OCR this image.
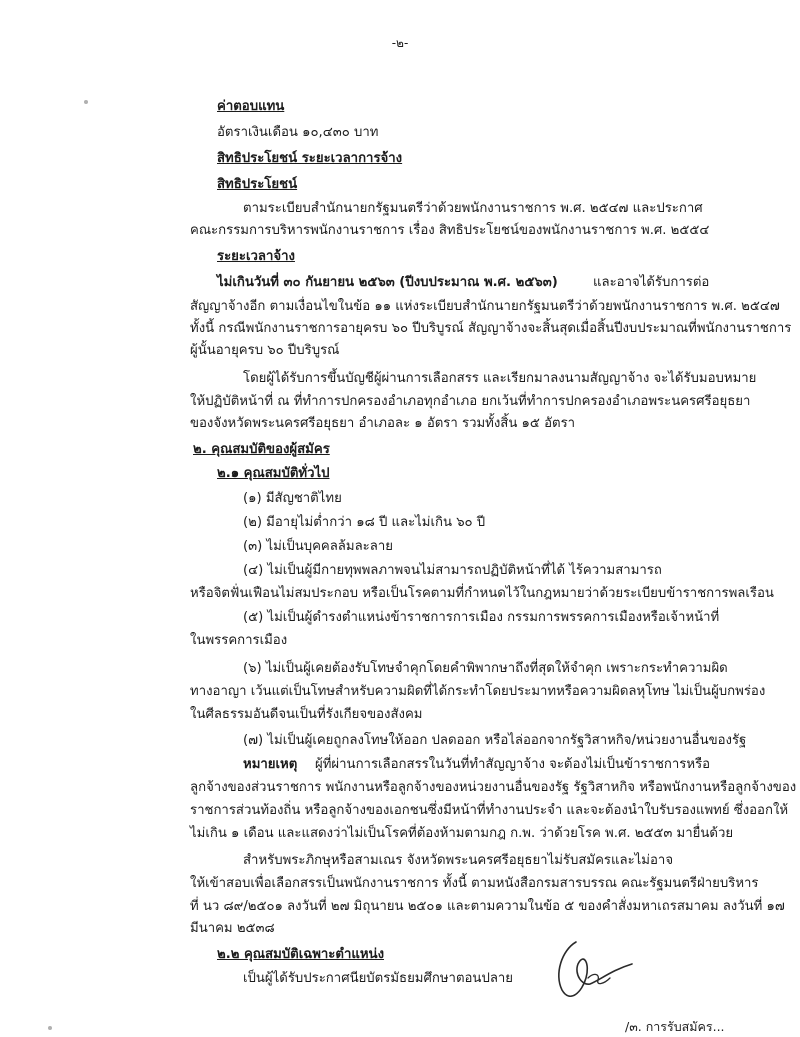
-๒-
ค่าตอบแทน
อัตราเงินเดือน ๑๐,๔๓๐ บาท
สิทธิประโยชน์ ระยะเวลาการจ้าง
สิทธิประโยชน์
ตามระเบียบสำนักนายกรัฐมนตรีว่าด้วยพนักงานราชการ พ.ศ. ๒๕๔๗ และประกาศ
คณะกรรมการบริหารพนักงานราชการ เรื่อง สิทธิประโยชน์ของพนักงานราชการ พ.ศ. ๒๕๕๔
ระยะเวลาจ้าง
ไม่เกินวันที่ ๓๐ กันยายน ๒๕๖๓ (ปีงบประมาณ พ.ศ. ๒๕๖๓)	และอาจได้รับการต่อ
สัญญาจ้างอีก ตามเงื่อนไขในข้อ ๑๑ แห่งระเบียบสำนักนายกรัฐมนตรีว่าด้วยพนักงานราชการ พ.ศ. ๒๕๔๗
ทั้งนี้ กรณีพนักงานราชการอายุครบ ๖๐ ปีบริบูรณ์ สัญญาจ้างจะสิ้นสุดเมื่อสิ้นปีงบประมาณที่พนักงานราชการ
ผู้นั้นอายุครบ ๖๐ ปีบริบูรณ์
โดยผู้ได้รับการขึ้นบัญชีผู้ผ่านการเลือกสรร และเรียกมาลงนามสัญญาจ้าง จะได้รับมอบหมาย
ให้ปฏิบัติหน้าที่ ณ ที่ทำการปกครองอำเภอทุกอำเภอ ยกเว้นที่ทำการปกครองอำเภอพระนครศรีอยุธยา
ของจังหวัดพระนครศรีอยุธยา อำเภอละ ๑ อัตรา รวมทั้งสิ้น ๑๕ อัตรา
๒. คุณสมบัติของผู้สมัคร
๒.๑ คุณสมบัติทั่วไป
(๑) มีสัญชาติไทย
(๒) มีอายุไม่ต่ำกว่า ๑๘ ปี และไม่เกิน ๖๐ ปี
(๓) ไม่เป็นบุคคลล้มละลาย
(๔) ไม่เป็นผู้มีกายทุพพลภาพจนไม่สามารถปฏิบัติหน้าที่ได้ ไร้ความสามารถ
หรือจิตฟั่นเฟือนไม่สมประกอบ หรือเป็นโรคตามที่กำหนดไว้ในกฎหมายว่าด้วยระเบียบข้าราชการพลเรือน
(๕) ไม่เป็นผู้ดำรงตำแหน่งข้าราชการการเมือง กรรมการพรรคการเมืองหรือเจ้าหน้าที่
ในพรรคการเมือง
(๖) ไม่เป็นผู้เคยต้องรับโทษจำคุกโดยคำพิพากษาถึงที่สุดให้จำคุก เพราะกระทำความผิด
ทางอาญา เว้นแต่เป็นโทษสำหรับความผิดที่ได้กระทำโดยประมาทหรือความผิดลหุโทษ ไม่เป็นผู้บกพร่อง
ในศีลธรรมอันดีจนเป็นที่รังเกียจของสังคม
(๗) ไม่เป็นผู้เคยถูกลงโทษให้ออก ปลดออก หรือไล่ออกจากรัฐวิสาหกิจ/หน่วยงานอื่นของรัฐ
หมายเหตุ ผู้ที่ผ่านการเลือกสรรในวันที่ทำสัญญาจ้าง จะต้องไม่เป็นข้าราชการหรือ
ลูกจ้างของส่วนราชการ พนักงานหรือลูกจ้างของหน่วยงานอื่นของรัฐ รัฐวิสาหกิจ หรือพนักงานหรือลูกจ้างของ
ราชการส่วนท้องถิ่น หรือลูกจ้างของเอกชนซึ่งมีหน้าที่ทำงานประจำ และจะต้องนำใบรับรองแพทย์ ซึ่งออกให้
ไม่เกิน ๑ เดือน และแสดงว่าไม่เป็นโรคที่ต้องห้ามตามกฎ ก.พ. ว่าด้วยโรค พ.ศ. ๒๕๕๓ มายื่นด้วย
สำหรับพระภิกษุหรือสามเณร จังหวัดพระนครศรีอยุธยาไม่รับสมัครและไม่อาจ
ให้เข้าสอบเพื่อเลือกสรรเป็นพนักงานราชการ ทั้งนี้ ตามหนังสือกรมสารบรรณ คณะรัฐมนตรีฝ่ายบริหาร
ที่ นว ๘๙/๒๕๐๑ ลงวันที่ ๒๗ มิถุนายน ๒๕๐๑ และตามความในข้อ ๕ ของคำสั่งมหาเถรสมาคม ลงวันที่ ๑๗
มีนาคม ๒๕๓๘
๒.๒ คุณสมบัติเฉพาะตำแหน่ง
เป็นผู้ได้รับประกาศนียบัตรมัธยมศึกษาตอนปลาย
/๓. การรับสมัคร...
